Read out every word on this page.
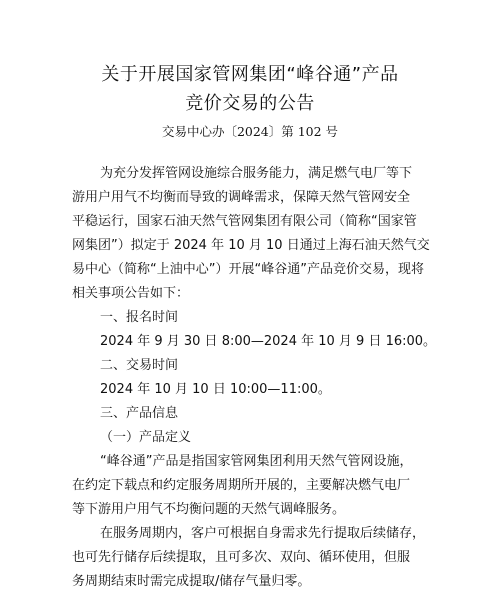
关于开展国家管网集团“峰谷通”产品
竞价交易的公告
交易中心办〔2024〕第 102 号
为充分发挥管网设施综合服务能力，满足燃气电厂等下
游用户用气不均衡而导致的调峰需求，保障天然气管网安全
平稳运行，国家石油天然气管网集团有限公司（简称“国家管
网集团”）拟定于 2024 年 10 月 10 日通过上海石油天然气交
易中心（简称“上油中心”）开展“峰谷通”产品竞价交易，现将
相关事项公告如下：
一、报名时间
2024 年 9 月 30 日 8:00—2024 年 10 月 9 日 16:00。
二、交易时间
2024 年 10 月 10 日 10:00—11:00。
三、产品信息
（一）产品定义
“峰谷通”产品是指国家管网集团利用天然气管网设施，
在约定下载点和约定服务周期所开展的，主要解决燃气电厂
等下游用户用气不均衡问题的天然气调峰服务。
在服务周期内，客户可根据自身需求先行提取后续储存，
也可先行储存后续提取，且可多次、双向、循环使用，但服
务周期结束时需完成提取/储存气量归零。
